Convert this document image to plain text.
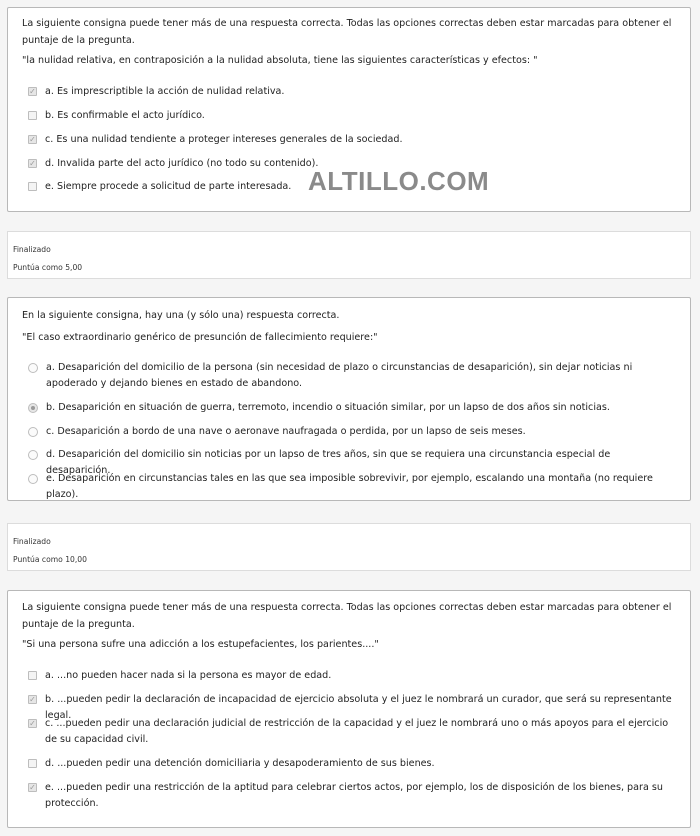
La siguiente consigna puede tener más de una respuesta correcta. Todas las opciones correctas deben estar marcadas para obtener el puntaje de la pregunta.
"la nulidad relativa, en contraposición a la nulidad absoluta, tiene las siguientes características y efectos: "
✓ a. Es imprescriptible la acción de nulidad relativa.
b. Es confirmable el acto jurídico.
✓ c. Es una nulidad tendiente a proteger intereses generales de la sociedad.
✓ d. Invalida parte del acto jurídico (no todo su contenido).
e. Siempre procede a solicitud de parte interesada. ALTILLO.COM
Finalizado
Puntúa como 5,00
En la siguiente consigna, hay una (y sólo una) respuesta correcta.
"El caso extraordinario genérico de presunción de fallecimiento requiere:"
a. Desaparición del domicilio de la persona (sin necesidad de plazo o circunstancias de desaparición), sin dejar noticias ni apoderado y dejando bienes en estado de abandono.
b. Desaparición en situación de guerra, terremoto, incendio o situación similar, por un lapso de dos años sin noticias.
c. Desaparición a bordo de una nave o aeronave naufragada o perdida, por un lapso de seis meses.
d. Desaparición del domicilio sin noticias por un lapso de tres años, sin que se requiera una circunstancia especial de desaparición.
e. Desaparición en circunstancias tales en las que sea imposible sobrevivir, por ejemplo, escalando una montaña (no requiere plazo).
Finalizado
Puntúa como 10,00
La siguiente consigna puede tener más de una respuesta correcta. Todas las opciones correctas deben estar marcadas para obtener el puntaje de la pregunta.
"Si una persona sufre una adicción a los estupefacientes, los parientes...."
a. ...no pueden hacer nada si la persona es mayor de edad.
✓ b. ...pueden pedir la declaración de incapacidad de ejercicio absoluta y el juez le nombrará un curador, que será su representante legal.
✓ c. ...pueden pedir una declaración judicial de restricción de la capacidad y el juez le nombrará uno o más apoyos para el ejercicio de su capacidad civil.
d. ...pueden pedir una detención domiciliaria y desapoderamiento de sus bienes.
✓ e. ...pueden pedir una restricción de la aptitud para celebrar ciertos actos, por ejemplo, los de disposición de los bienes, para su protección.
